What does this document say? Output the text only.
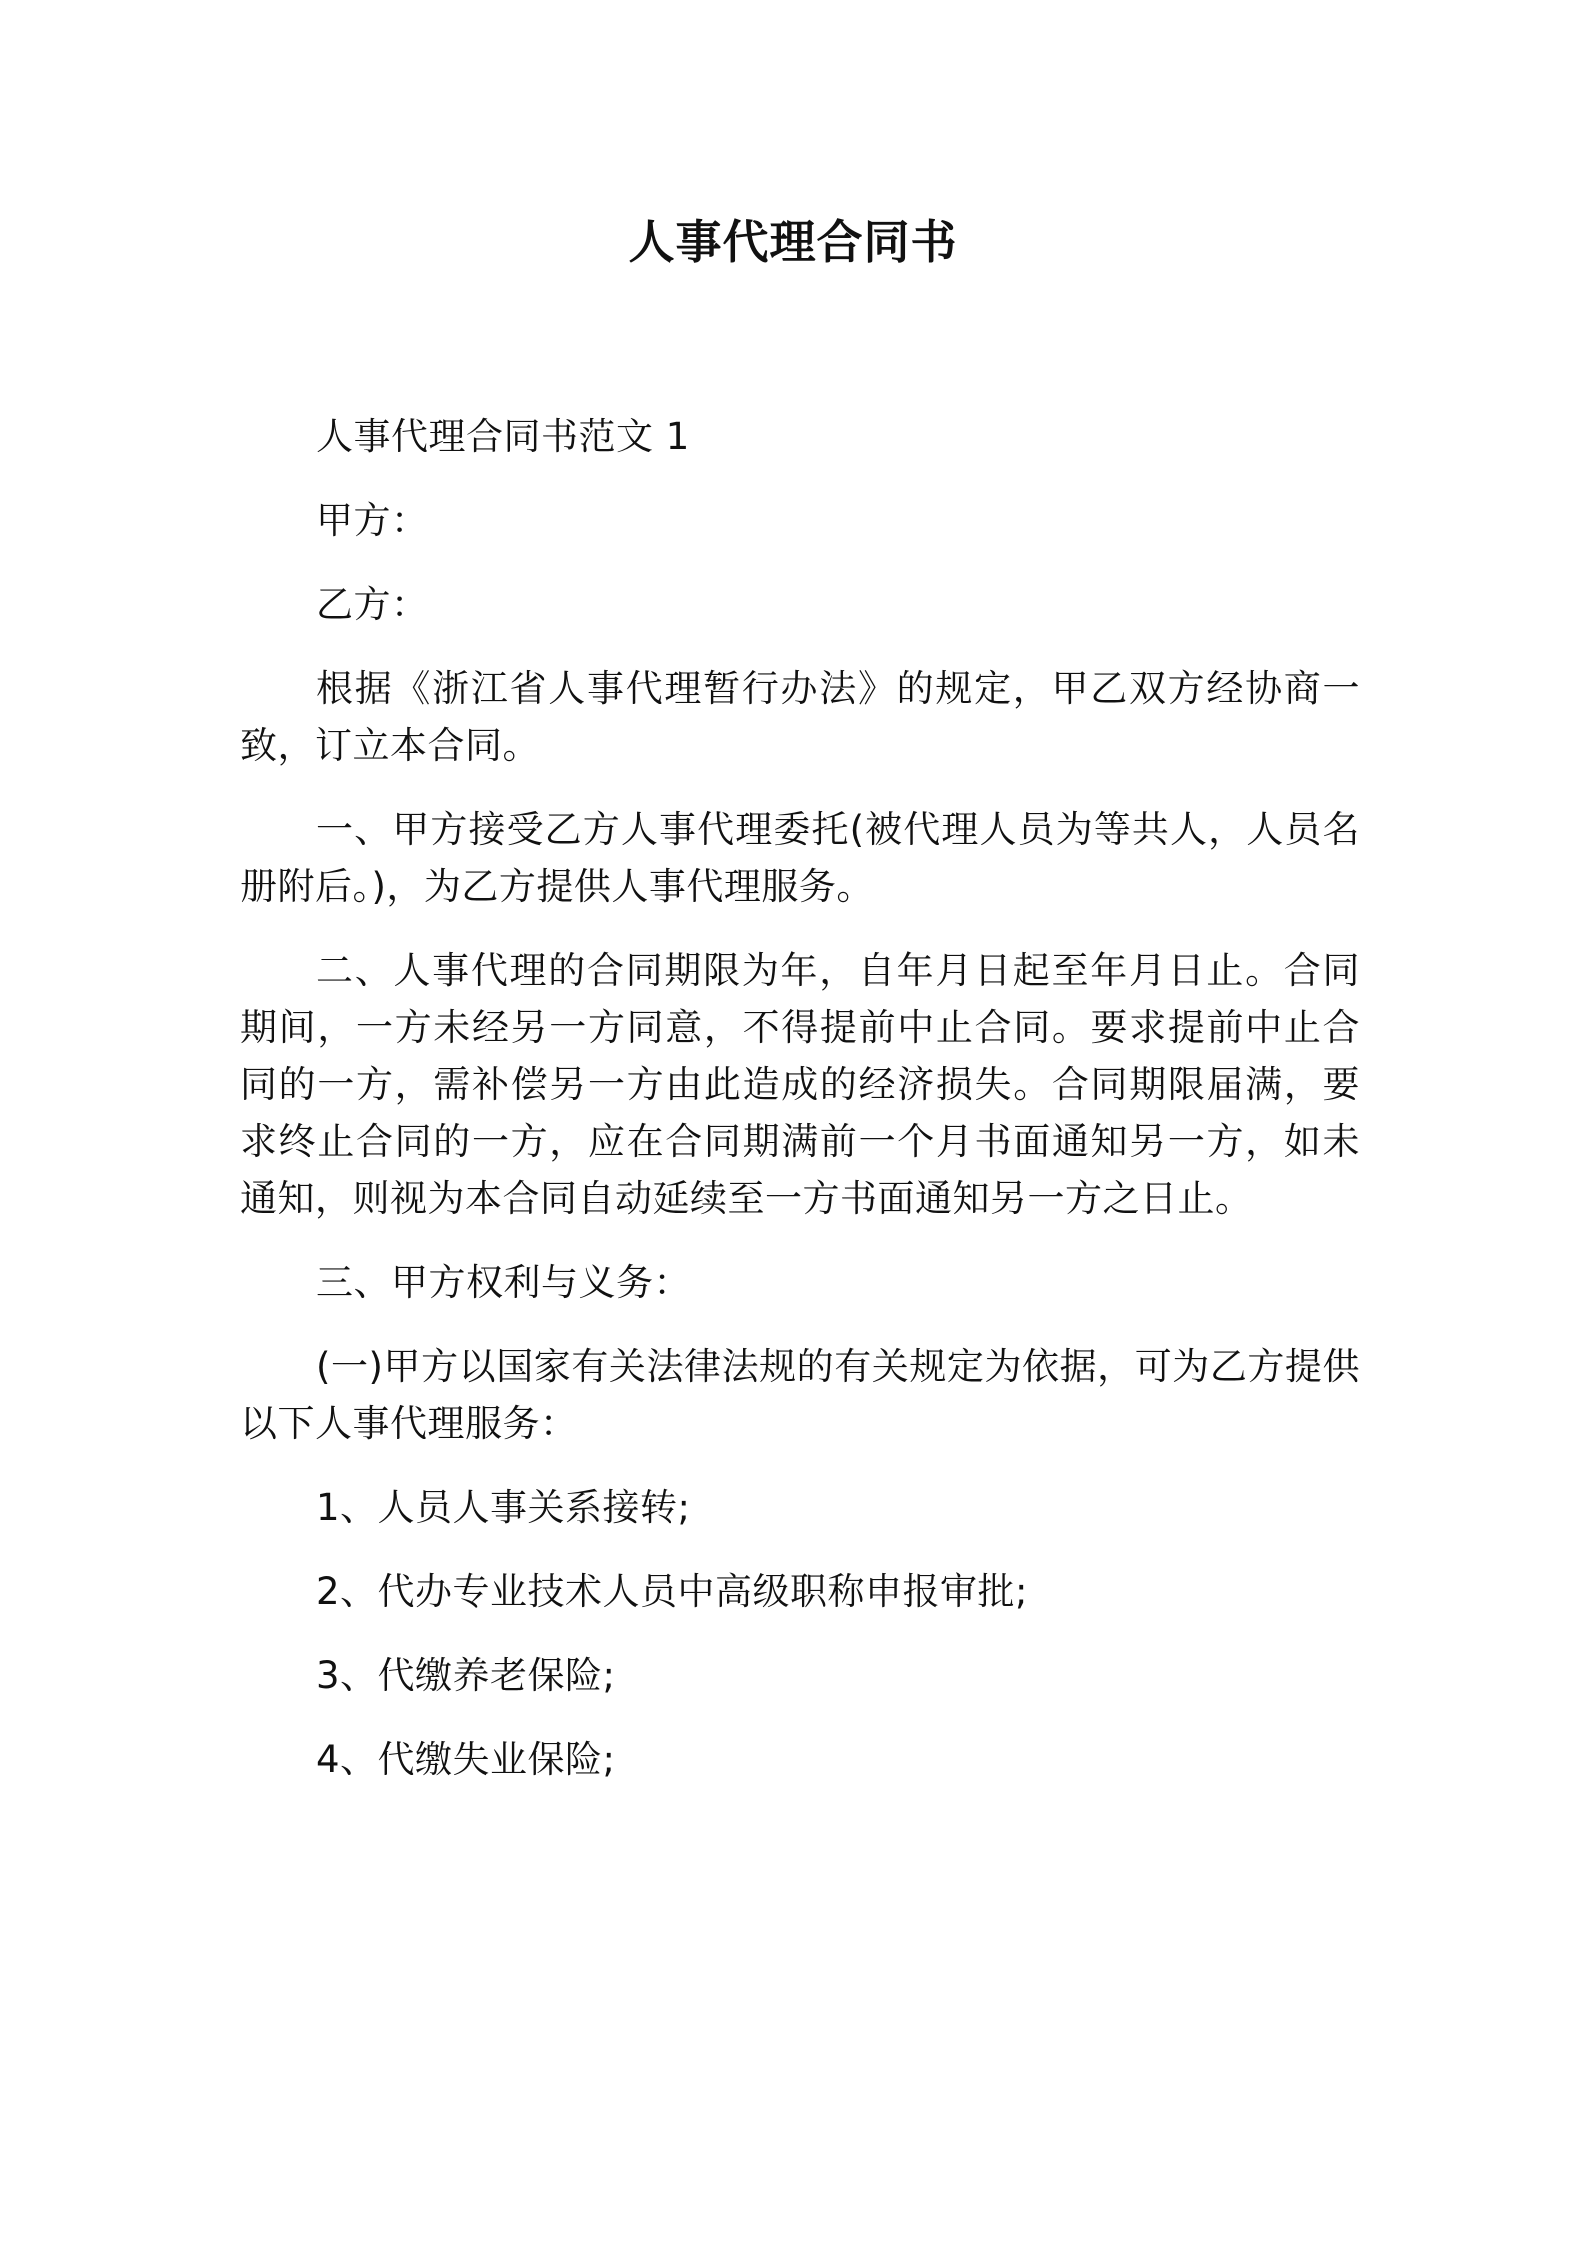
人事代理合同书

人事代理合同书范文 1

甲方：

乙方：

根据《浙江省人事代理暂行办法》的规定，甲乙双方经协商一致，订立本合同。

一、甲方接受乙方人事代理委托(被代理人员为等共人，人员名册附后。)，为乙方提供人事代理服务。

二、人事代理的合同期限为年，自年月日起至年月日止。合同期间，一方未经另一方同意，不得提前中止合同。要求提前中止合同的一方，需补偿另一方由此造成的经济损失。合同期限届满，要求终止合同的一方，应在合同期满前一个月书面通知另一方，如未通知，则视为本合同自动延续至一方书面通知另一方之日止。

三、甲方权利与义务：

(一)甲方以国家有关法律法规的有关规定为依据，可为乙方提供以下人事代理服务：

1、人员人事关系接转;

2、代办专业技术人员中高级职称申报审批;

3、代缴养老保险;

4、代缴失业保险;
